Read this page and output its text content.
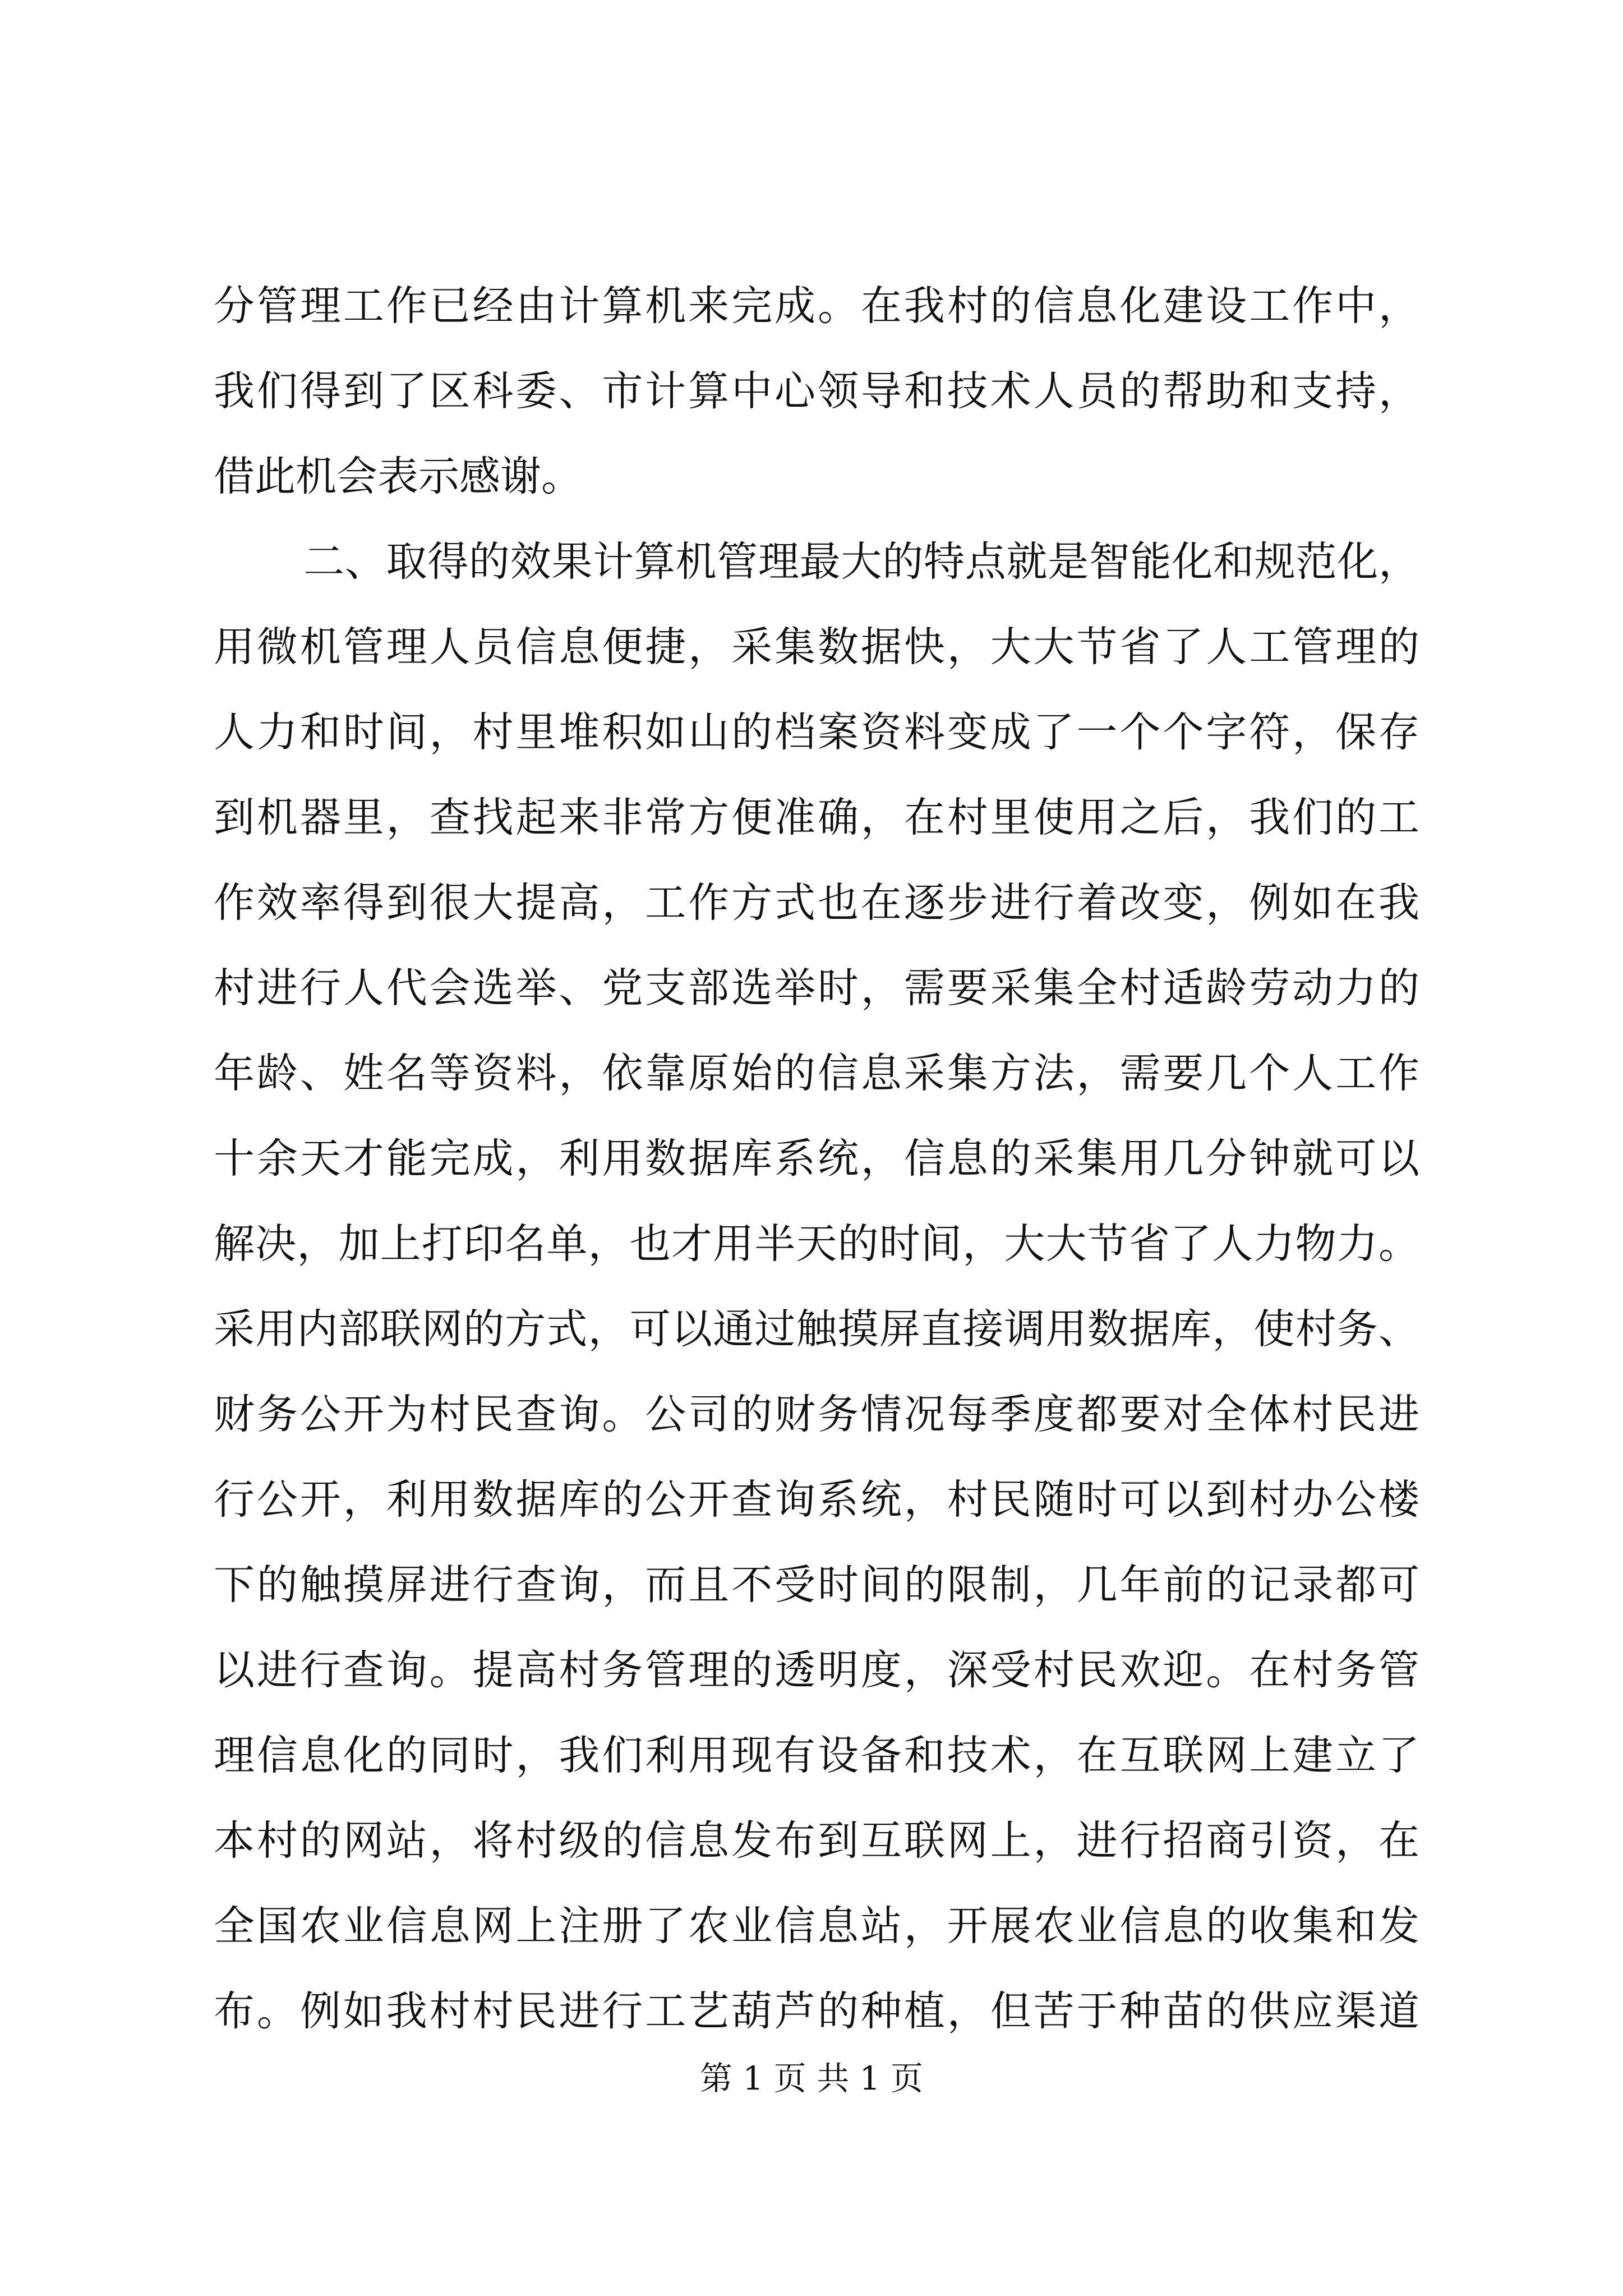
分管理工作已经由计算机来完成。在我村的信息化建设工作中，
我们得到了区科委、市计算中心领导和技术人员的帮助和支持，
借此机会表示感谢。
二、取得的效果计算机管理最大的特点就是智能化和规范化，
用微机管理人员信息便捷，采集数据快，大大节省了人工管理的
人力和时间，村里堆积如山的档案资料变成了一个个字符，保存
到机器里，查找起来非常方便准确，在村里使用之后，我们的工
作效率得到很大提高，工作方式也在逐步进行着改变，例如在我
村进行人代会选举、党支部选举时，需要采集全村适龄劳动力的
年龄、姓名等资料，依靠原始的信息采集方法，需要几个人工作
十余天才能完成，利用数据库系统，信息的采集用几分钟就可以
解决，加上打印名单，也才用半天的时间，大大节省了人力物力。
采用内部联网的方式，可以通过触摸屏直接调用数据库，使村务、
财务公开为村民查询。公司的财务情况每季度都要对全体村民进
行公开，利用数据库的公开查询系统，村民随时可以到村办公楼
下的触摸屏进行查询，而且不受时间的限制，几年前的记录都可
以进行查询。提高村务管理的透明度，深受村民欢迎。在村务管
理信息化的同时，我们利用现有设备和技术，在互联网上建立了
本村的网站，将村级的信息发布到互联网上，进行招商引资，在
全国农业信息网上注册了农业信息站，开展农业信息的收集和发
布。例如我村村民进行工艺葫芦的种植，但苦于种苗的供应渠道
第 1 页 共 1 页
